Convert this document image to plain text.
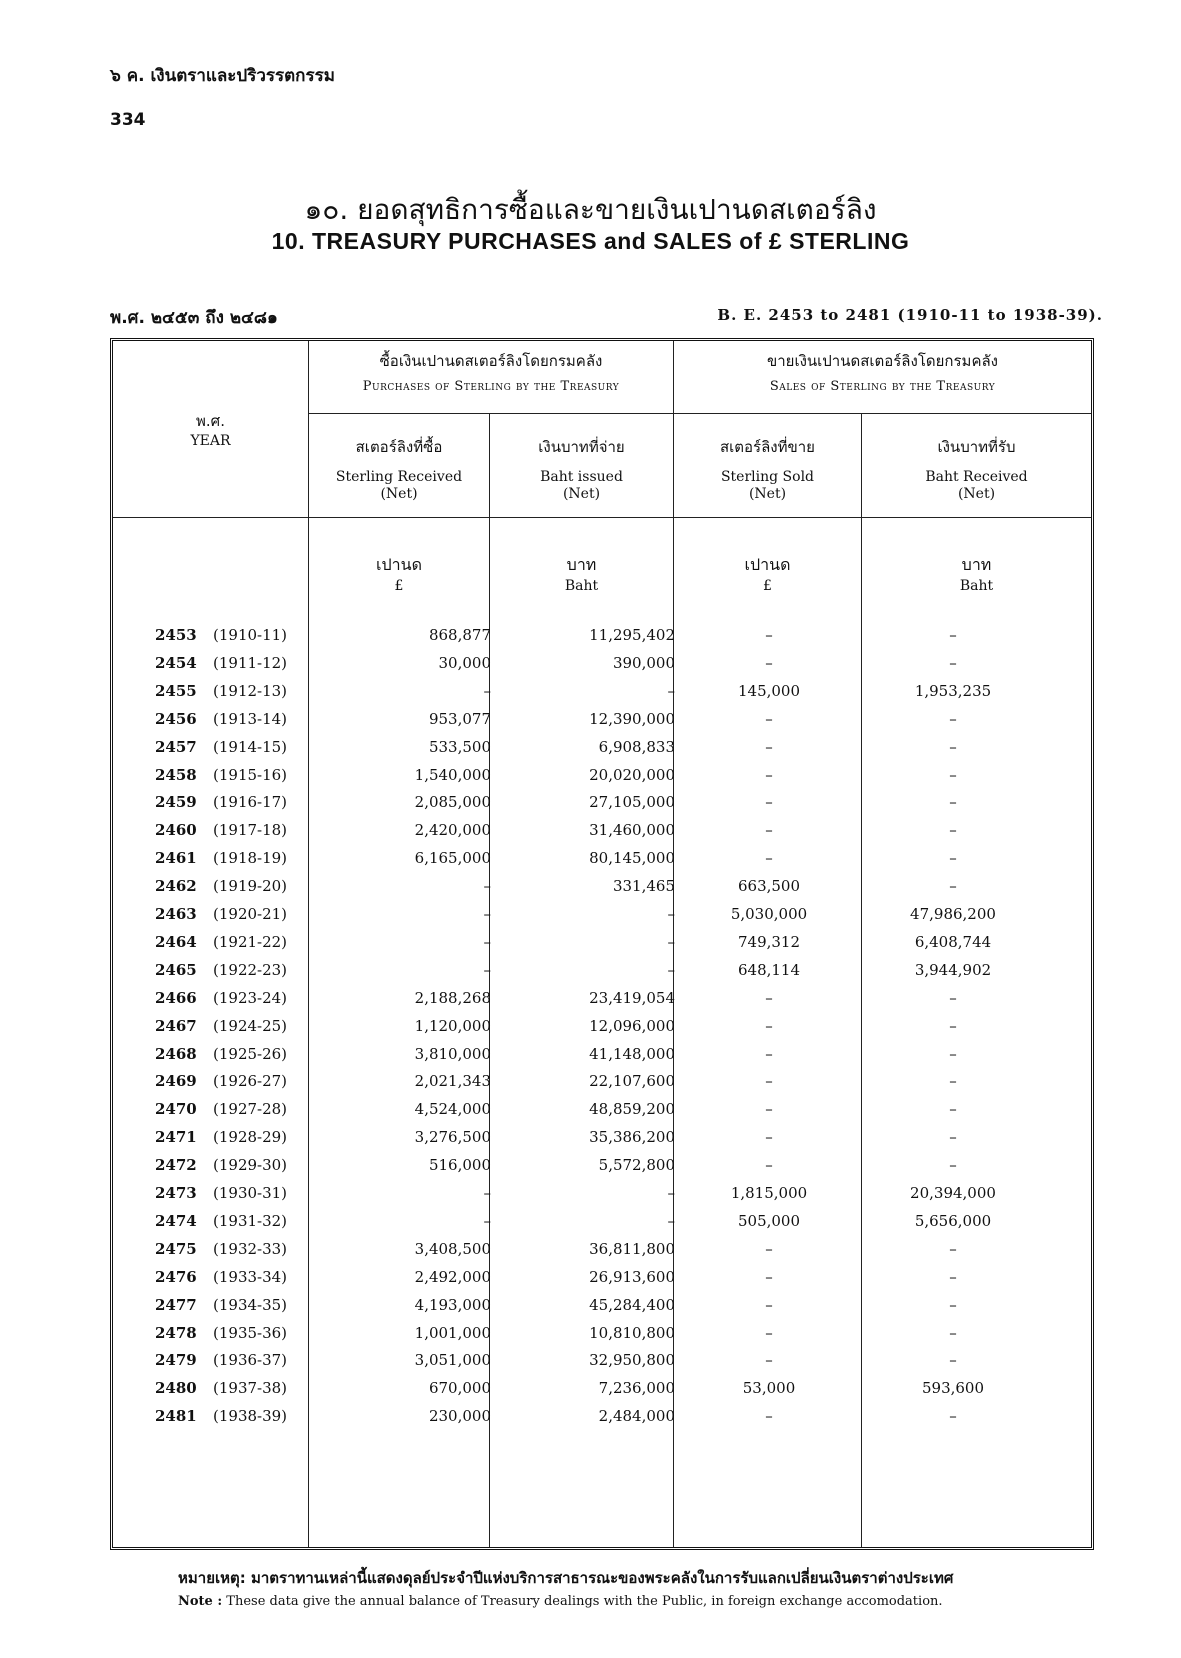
๖ ค. เงินตราและปริวรรตกรรม
334
๑๐. ยอดสุทธิการซื้อและขายเงินเปานดสเตอร์ลิง
10. TREASURY PURCHASES and SALES of £ STERLING
พ.ศ. ๒๔๕๓ ถึง ๒๔๘๑	B. E. 2453 to 2481 (1910-11 to 1938-39).
พ.ศ.
YEAR
ซื้อเงินเปานดสเตอร์ลิงโดยกรมคลัง
Purchases of Sterling by the Treasury
ขายเงินเปานดสเตอร์ลิงโดยกรมคลัง
Sales of Sterling by the Treasury
สเตอร์ลิงที่ซื้อ
Sterling Received
(Net)
เงินบาทที่จ่าย
Baht issued
(Net)
สเตอร์ลิงที่ขาย
Sterling Sold
(Net)
เงินบาทที่รับ
Baht Received
(Net)
เปานด
£
บาท
Baht
เปานด
£
บาท
Baht
2453 (1910-11)	868,877	11,295,402	–	–
2454 (1911-12)	30,000	390,000	–	–
2455 (1912-13)	–	–	145,000	1,953,235
2456 (1913-14)	953,077	12,390,000	–	–
2457 (1914-15)	533,500	6,908,833	–	–
2458 (1915-16)	1,540,000	20,020,000	–	–
2459 (1916-17)	2,085,000	27,105,000	–	–
2460 (1917-18)	2,420,000	31,460,000	–	–
2461 (1918-19)	6,165,000	80,145,000	–	–
2462 (1919-20)	–	331,465	663,500	–
2463 (1920-21)	–	–	5,030,000	47,986,200
2464 (1921-22)	–	–	749,312	6,408,744
2465 (1922-23)	–	–	648,114	3,944,902
2466 (1923-24)	2,188,268	23,419,054	–	–
2467 (1924-25)	1,120,000	12,096,000	–	–
2468 (1925-26)	3,810,000	41,148,000	–	–
2469 (1926-27)	2,021,343	22,107,600	–	–
2470 (1927-28)	4,524,000	48,859,200	–	–
2471 (1928-29)	3,276,500	35,386,200	–	–
2472 (1929-30)	516,000	5,572,800	–	–
2473 (1930-31)	–	–	1,815,000	20,394,000
2474 (1931-32)	–	–	505,000	5,656,000
2475 (1932-33)	3,408,500	36,811,800	–	–
2476 (1933-34)	2,492,000	26,913,600	–	–
2477 (1934-35)	4,193,000	45,284,400	–	–
2478 (1935-36)	1,001,000	10,810,800	–	–
2479 (1936-37)	3,051,000	32,950,800	–	–
2480 (1937-38)	670,000	7,236,000	53,000	593,600
2481 (1938-39)	230,000	2,484,000	–	–
หมายเหตุ: มาตราทานเหล่านี้แสดงดุลย์ประจำปีแห่งบริการสาธารณะของพระคลังในการรับแลกเปลี่ยนเงินตราต่างประเทศ
Note : These data give the annual balance of Treasury dealings with the Public, in foreign exchange accomodation.
